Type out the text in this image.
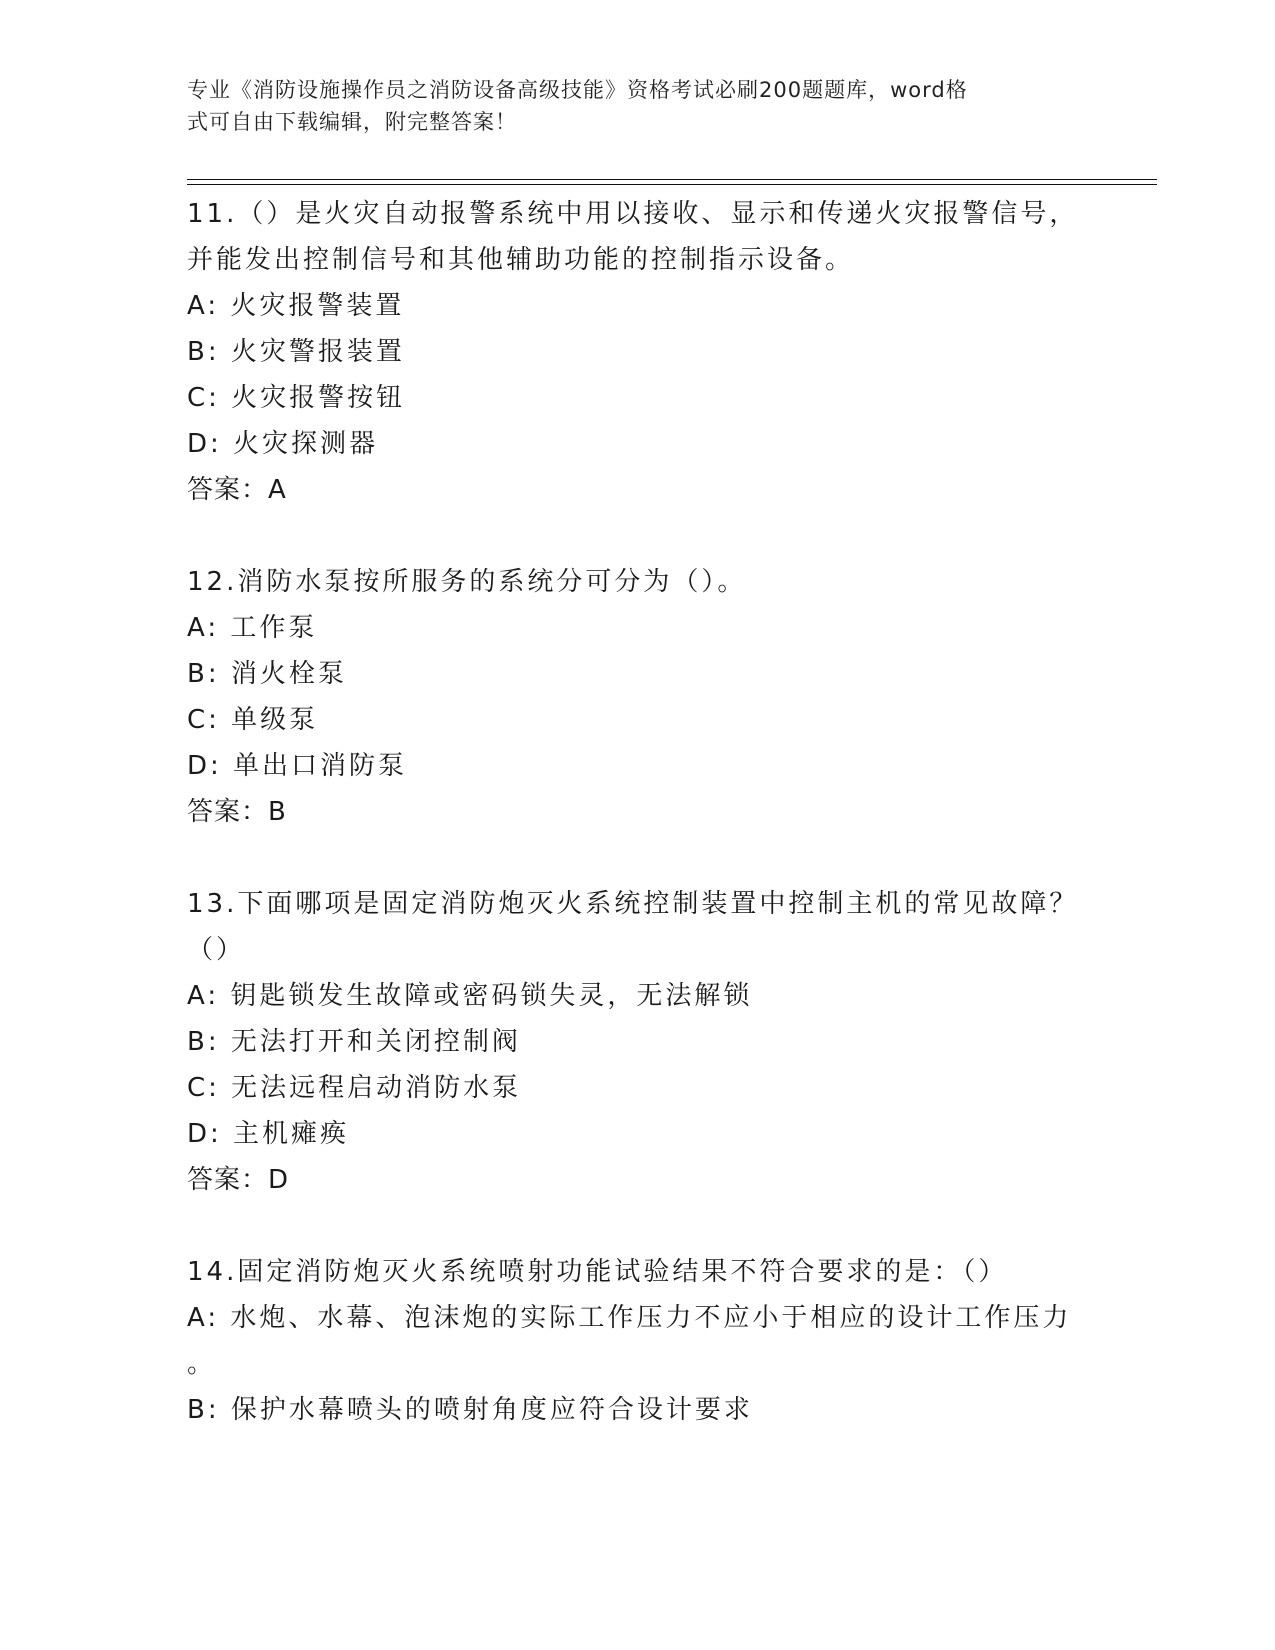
专业《消防设施操作员之消防设备高级技能》资格考试必刷200题题库，word格
式可自由下载编辑，附完整答案！
11.（）是火灾自动报警系统中用以接收、显示和传递火灾报警信号，
并能发出控制信号和其他辅助功能的控制指示设备。
A: 火灾报警装置
B: 火灾警报装置
C: 火灾报警按钮
D: 火灾探测器
答案：A
12.消防水泵按所服务的系统分可分为（）。
A: 工作泵
B: 消火栓泵
C: 单级泵
D: 单出口消防泵
答案：B
13.下面哪项是固定消防炮灭火系统控制装置中控制主机的常见故障？
（）
A: 钥匙锁发生故障或密码锁失灵，无法解锁
B: 无法打开和关闭控制阀
C: 无法远程启动消防水泵
D: 主机瘫痪
答案：D
14.固定消防炮灭火系统喷射功能试验结果不符合要求的是：（）
A: 水炮、水幕、泡沫炮的实际工作压力不应小于相应的设计工作压力
。
B: 保护水幕喷头的喷射角度应符合设计要求
